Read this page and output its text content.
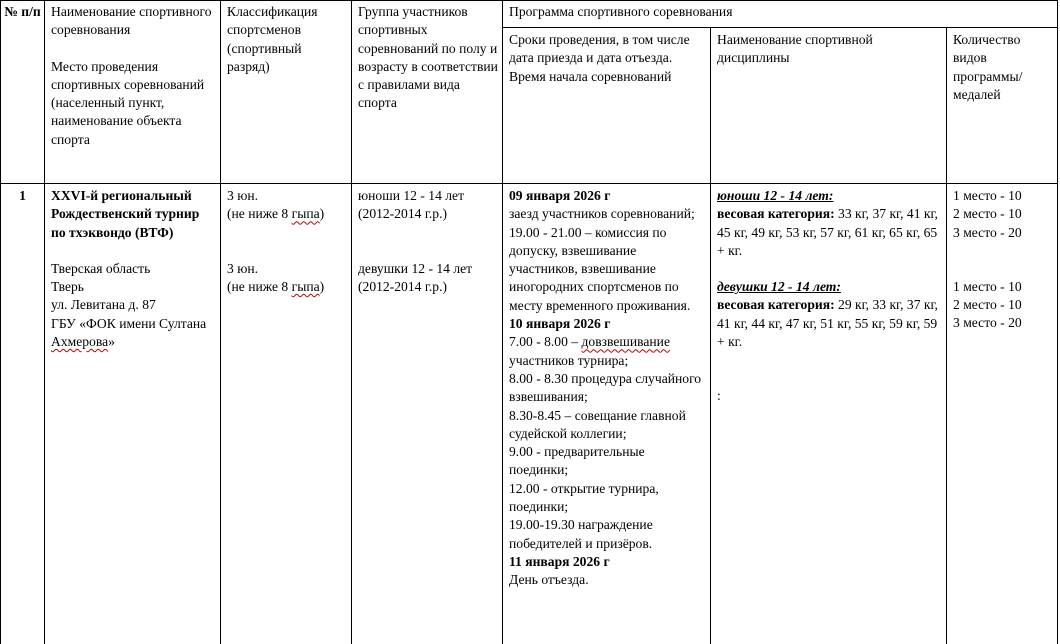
№ п/п Наименование спортивного соревнования

Место проведения спортивных соревнований (населенный пункт, наименование объекта спорта

Классификация спортсменов (спортивный разряд)
Группа участников спортивных соревнований по полу и возрасту в соответствии с правилами вида спорта
Программа спортивного соревнования

Сроки проведения, в том числе дата приезда и дата отъезда.

Время начала соревнований

Наименование спортивной дисциплины
Количество видов программы/ медалей
1	XXVI-й региональный Рождественский турнир по тхэквондо (ВТФ)

Тверская область

Тверь

ул. Левитана д. 87

ГБУ «ФОК имени Султана Ахмерова»

3 юн.

(не ниже 8 гыпа)

3 юн.

(не ниже 8 гыпа)

юноши 12 - 14 лет

(2012-2014 г.р.)

девушки 12 - 14 лет

(2012-2014 г.р.)

09 января 2026 г

заезд участников соревнований;

19.00 - 21.00 – комиссия по допуску, взвешивание участников, взвешивание иногородних спортсменов по месту временного проживания.

10 января 2026 г

7.00 - 8.00 – довзвешивание участников турнира;

8.00 - 8.30 процедура случайного взвешивания;

8.30-8.45 – совещание главной судейской коллегии;

9.00 - предварительные поединки;

12.00 - открытие турнира, поединки;

19.00-19.30 награждение победителей и призёров.

11 января 2026 г

День отъезда.

юноши 12 - 14 лет:

весовая категория: 33 кг, 37 кг, 41 кг, 45 кг, 49 кг, 53 кг, 57 кг, 61 кг, 65 кг, 65 + кг.

девушки 12 - 14 лет:

весовая категория: 29 кг, 33 кг, 37 кг, 41 кг, 44 кг, 47 кг, 51 кг, 55 кг, 59 кг, 59 + кг.

:

1 место - 10

2 место - 10

3 место - 20

1 место - 10

2 место - 10

3 место - 20
